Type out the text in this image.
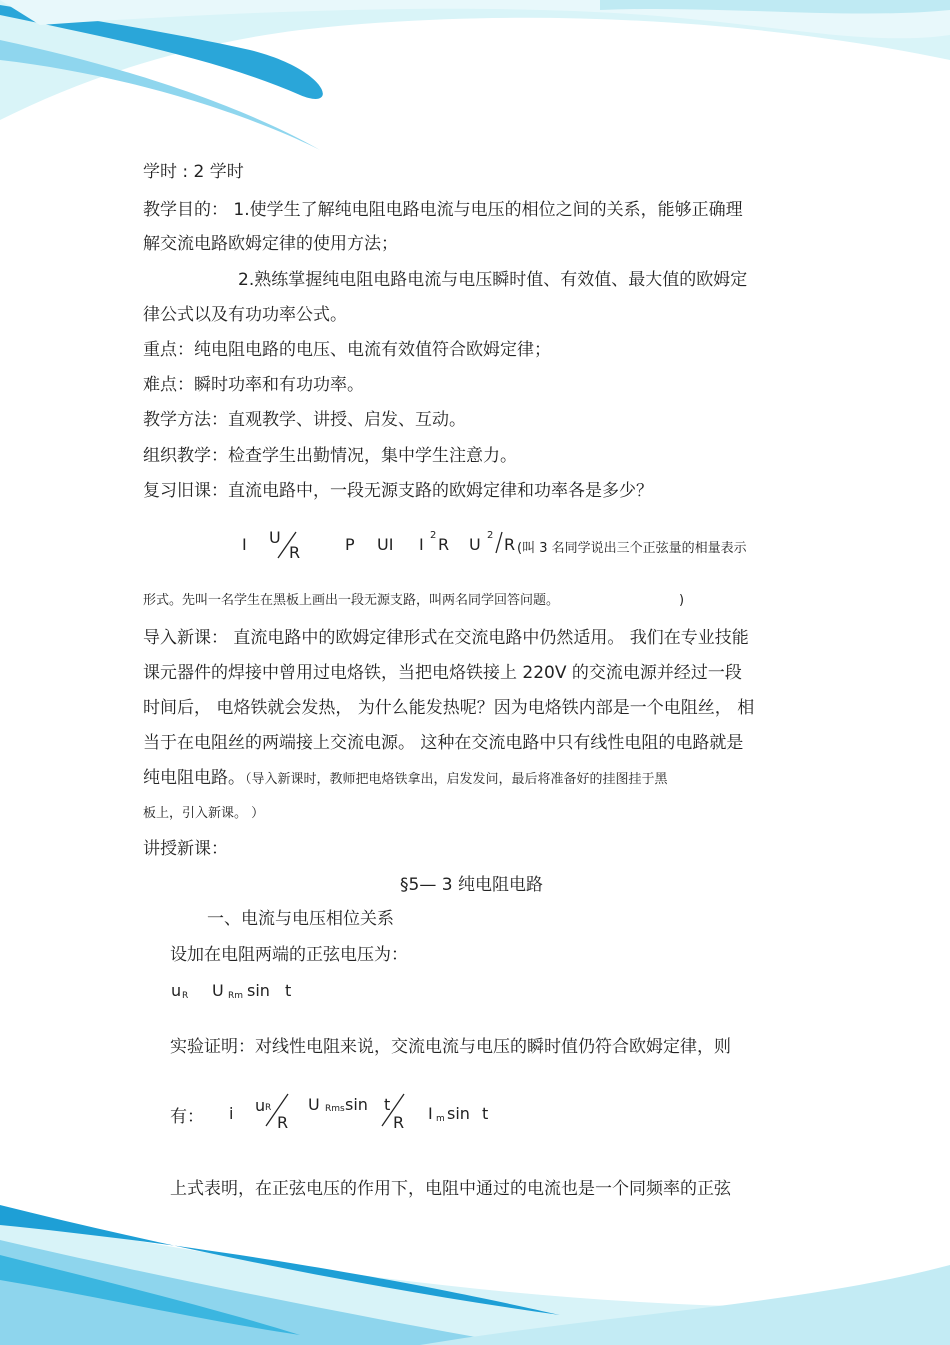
学时 : 2 学时
教学目的： 1.使学生了解纯电阻电路电流与电压的相位之间的关系，能够正确理
解交流电路欧姆定律的使用方法；
2.熟练掌握纯电阻电路电流与电压瞬时值、有效值、最大值的欧姆定
律公式以及有功功率公式。
重点：纯电阻电路的电压、电流有效值符合欧姆定律；
难点：瞬时功率和有功功率。
教学方法：直观教学、讲授、启发、互动。
组织教学：检查学生出勤情况，集中学生注意力。
复习旧课：直流电路中，一段无源支路的欧姆定律和功率各是多少？
I U
R	P UI I 2 R U 2 R (叫 3 名同学说出三个正弦量的相量表示
形式。先叫一名学生在黑板上画出一段无源支路，叫两名同学回答问题。	)
导入新课： 直流电路中的欧姆定律形式在交流电路中仍然适用。 我们在专业技能
课元器件的焊接中曾用过电烙铁，当把电烙铁接上 220V 的交流电源并经过一段
时间后， 电烙铁就会发热， 为什么能发热呢？因为电烙铁内部是一个电阻丝， 相
当于在电阻丝的两端接上交流电源。 这种在交流电路中只有线性电阻的电路就是
纯电阻电路。（导入新课时，教师把电烙铁拿出，启发发问，最后将准备好的挂图挂于黑
板上，引入新课。 ）
讲授新课：
§5— 3 纯电阻电路
一、电流与电压相位关系
设加在电阻两端的正弦电压为：
u R U Rm sin t
实验证明：对线性电阻来说，交流电流与电压的瞬时值仍符合欧姆定律，则
有： i u R
R
U Rms sin t
R I m sin t
上式表明，在正弦电压的作用下，电阻中通过的电流也是一个同频率的正弦
